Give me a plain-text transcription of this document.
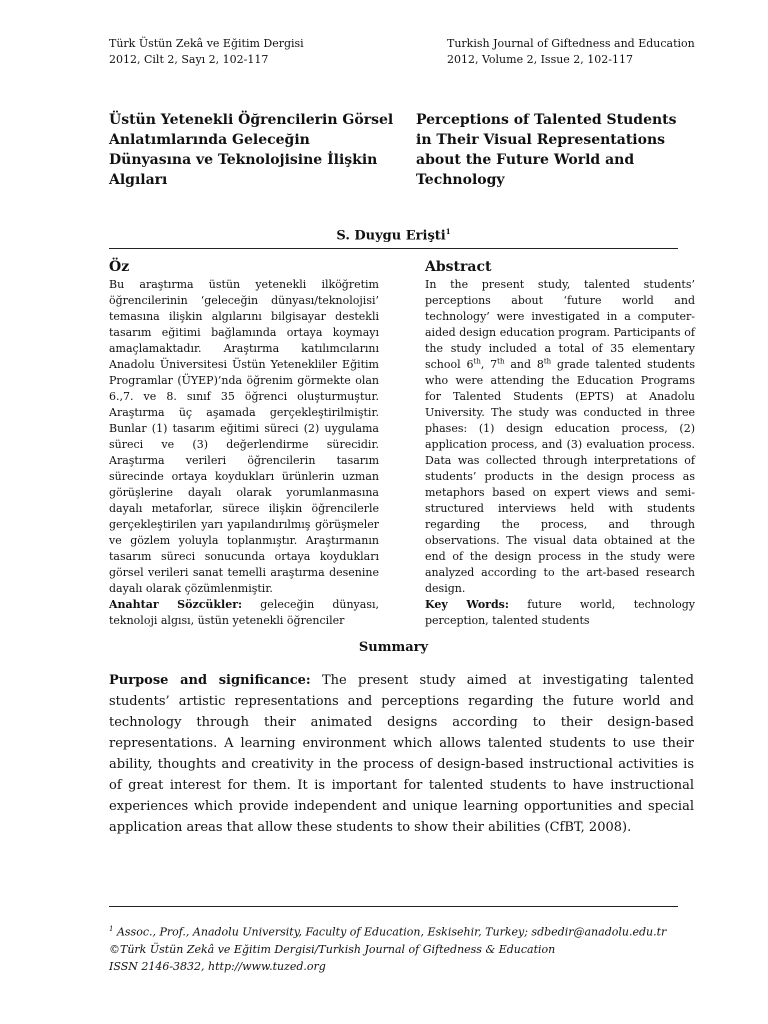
Türk Üstün Zekâ ve Eğitim Dergisi
2012, Cilt 2, Sayı 2, 102-117
Turkish Journal of Giftedness and Education
2012, Volume 2, Issue 2, 102-117
Üstün Yetenekli Öğrencilerin Görsel Anlatımlarında Geleceğin Dünyasına ve Teknolojisine İlişkin Algıları
Perceptions of Talented Students in Their Visual Representations about the Future World and Technology
S. Duygu Erişti$^1$
Öz	Abstract
Bu araştırma üstün yetenekli ilköğretim öğrencilerinin ‘geleceğin dünyası/teknolojisi’ temasına ilişkin algılarını bilgisayar destekli tasarım eğitimi bağlamında ortaya koymayı amaçlamaktadır. Araştırma katılımcılarını Anadolu Üniversitesi Üstün Yetenekliler Eğitim Programlar (ÜYEP)’nda öğrenim görmekte olan 6.,7. ve 8. sınıf 35 öğrenci oluşturmuştur. Araştırma üç aşamada gerçekleştirilmiştir. Bunlar (1) tasarım eğitimi süreci (2) uygulama süreci ve (3) değerlendirme sürecidir. Araştırma verileri öğrencilerin tasarım sürecinde ortaya koydukları ürünlerin uzman görüşlerine dayalı olarak yorumlanmasına dayalı metaforlar, sürece ilişkin öğrencilerle gerçekleştirilen yarı yapılandırılmış görüşmeler ve gözlem yoluyla toplanmıştır. Araştırmanın tasarım süreci sonucunda ortaya koydukları görsel verileri sanat temelli araştırma desenine dayalı olarak çözümlenmiştir.
Anahtar Sözcükler: geleceğin dünyası, teknoloji algısı, üstün yetenekli öğrenciler
In the present study, talented students’ perceptions about ‘future world and technology’ were investigated in a computer-aided design education program. Participants of the study included a total of 35 elementary school 6th, 7th and 8th grade talented students who were attending the Education Programs for Talented Students (EPTS) at Anadolu University. The study was conducted in three phases: (1) design education process, (2) application process, and (3) evaluation process. Data was collected through interpretations of students’ products in the design process as metaphors based on expert views and semi-structured interviews held with students regarding the process, and through observations. The visual data obtained at the end of the design process in the study were analyzed according to the art-based research design.
Key Words: future world, technology perception, talented students
Summary
Purpose and significance: The present study aimed at investigating talented students’ artistic representations and perceptions regarding the future world and technology through their animated designs according to their design-based representations. A learning environment which allows talented students to use their ability, thoughts and creativity in the process of design-based instructional activities is of great interest for them. It is important for talented students to have instructional experiences which provide independent and unique learning opportunities and special application areas that allow these students to show their abilities (CfBT, 2008).
$^1$ Assoc., Prof., Anadolu University, Faculty of Education, Eskisehir, Turkey; sdbedir@anadolu.edu.tr
©Türk Üstün Zekâ ve Eğitim Dergisi/Turkish Journal of Giftedness & Education
ISSN 2146-3832, http://www.tuzed.org
